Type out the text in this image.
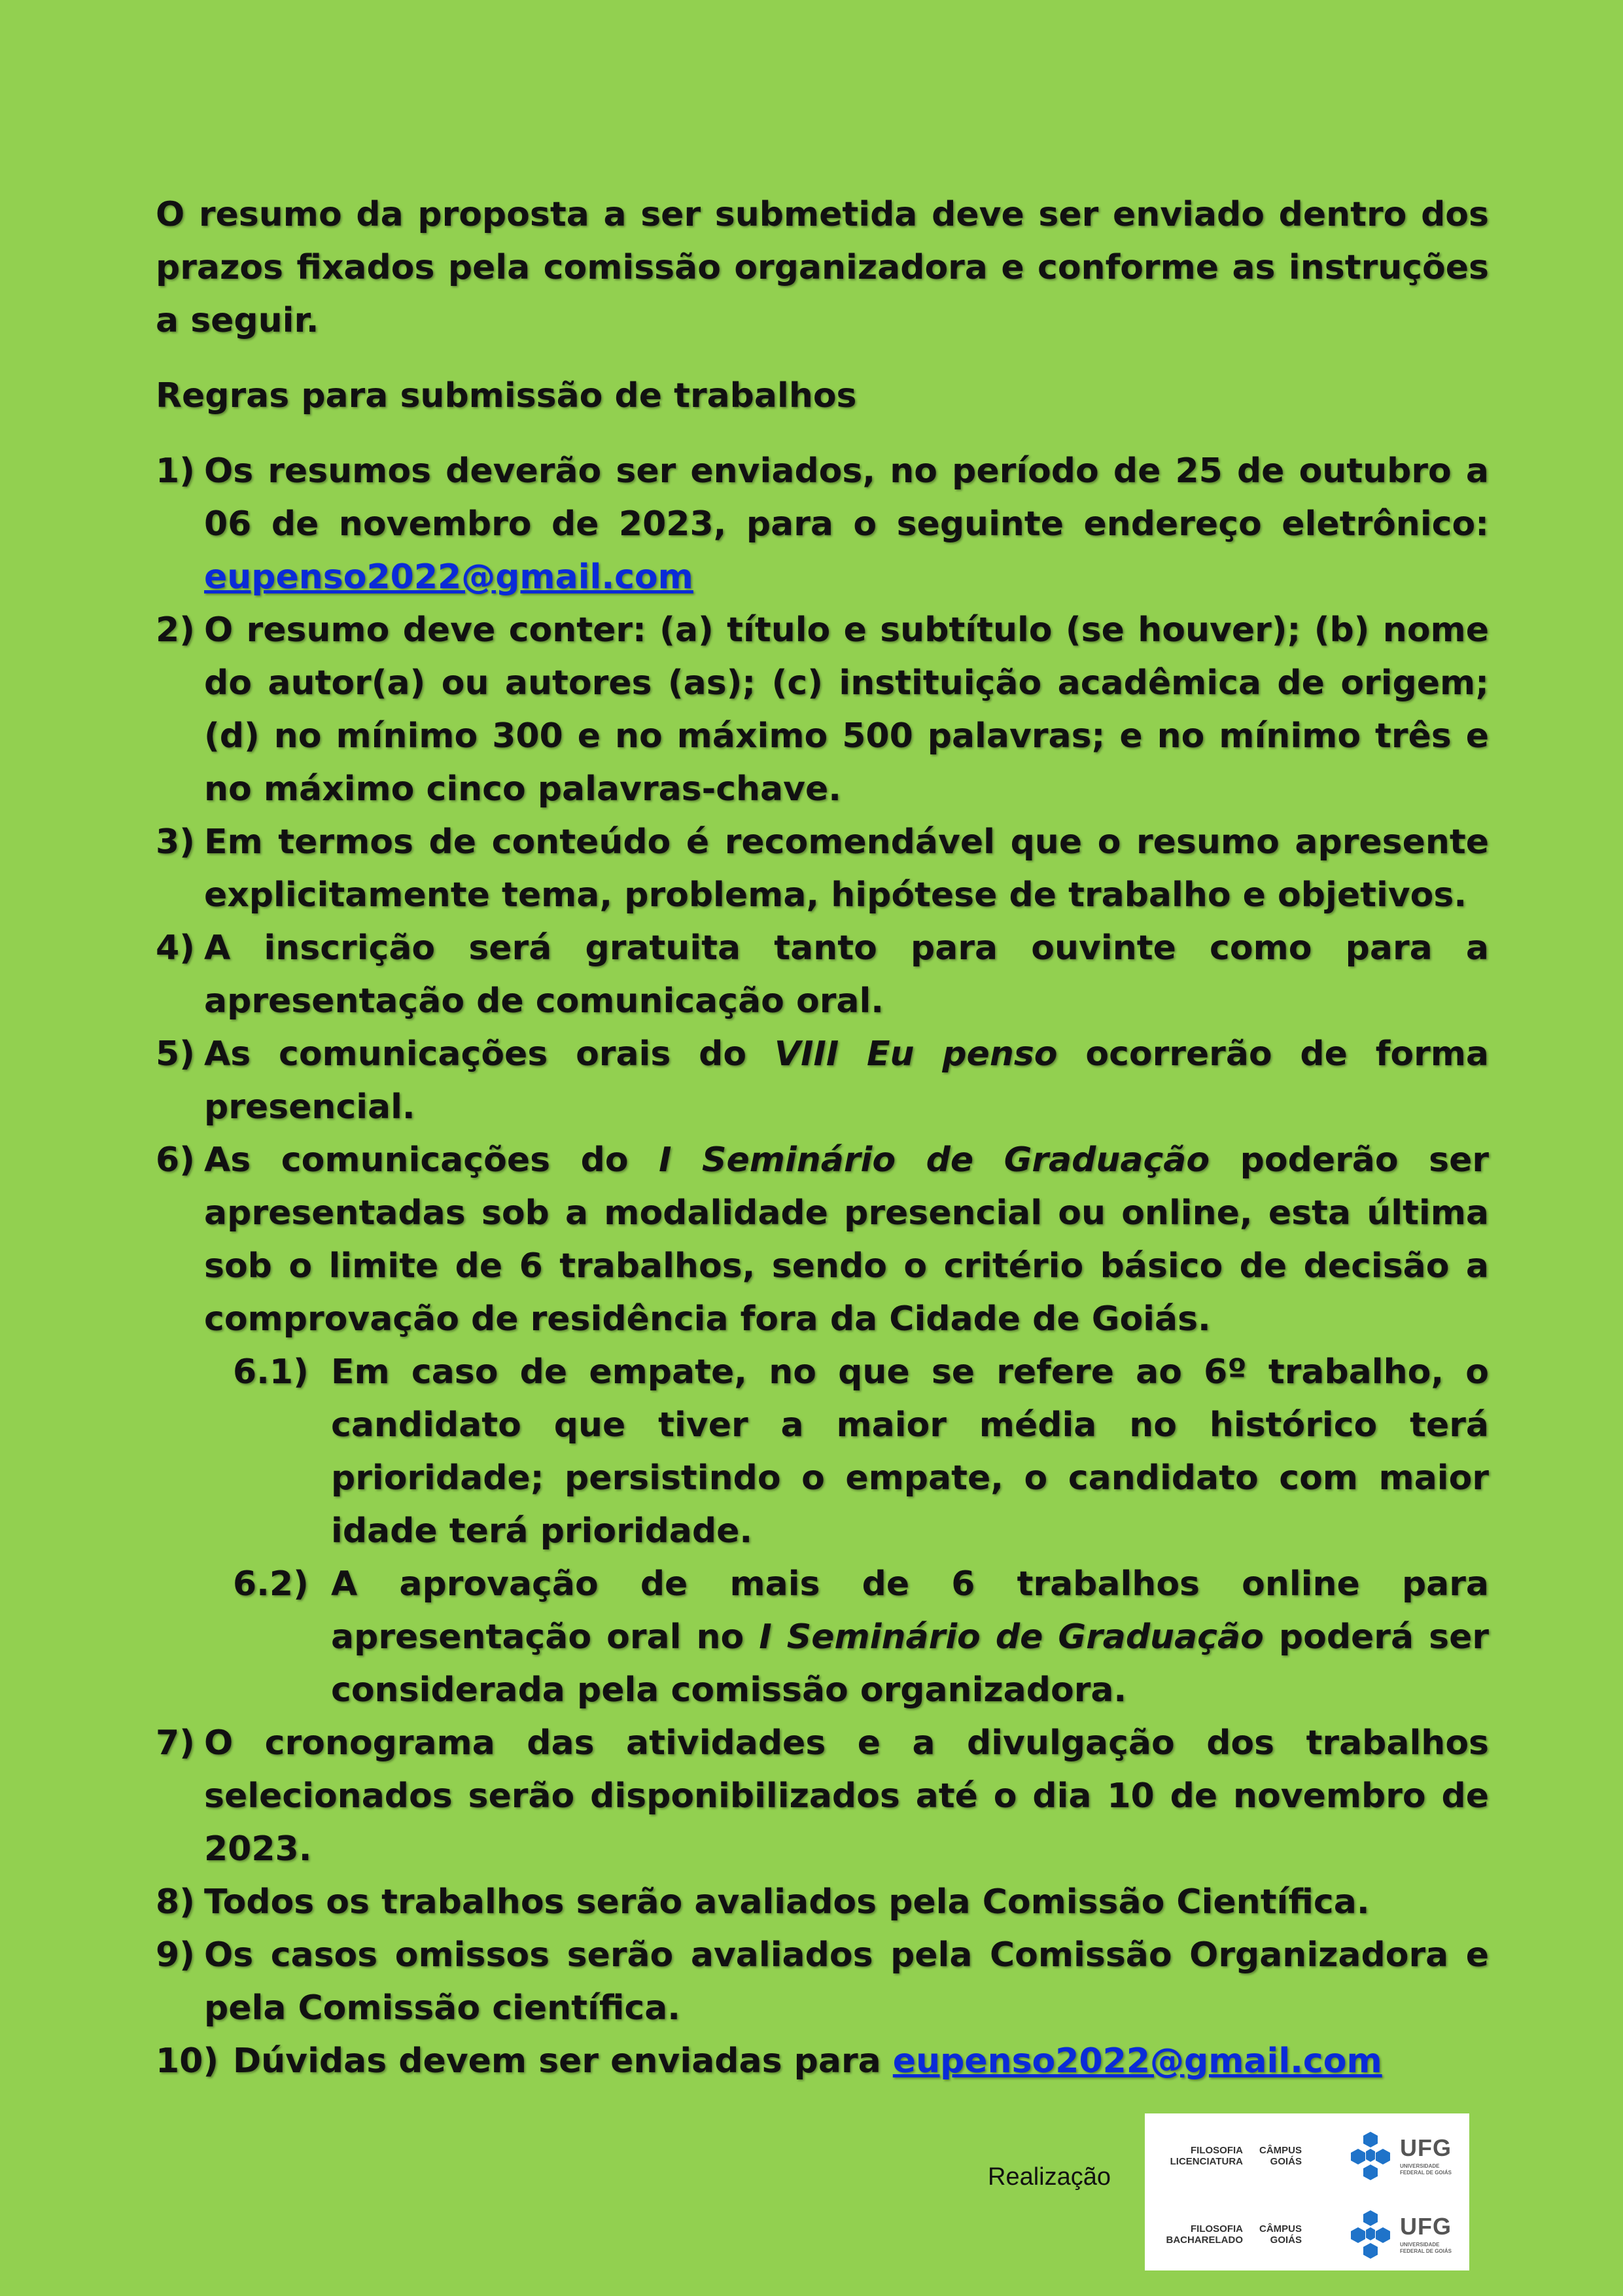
O resumo da proposta a ser submetida deve ser enviado dentro dos prazos fixados pela comissão organizadora e conforme as instruções a seguir.

Regras para submissão de trabalhos

1) Os resumos deverão ser enviados, no período de 25 de outubro a 06 de novembro de 2023, para o seguinte endereço eletrônico: eupenso2022@gmail.com

2) O resumo deve conter: (a) título e subtítulo (se houver); (b) nome do autor(a) ou autores (as); (c) instituição acadêmica de origem; (d) no mínimo 300 e no máximo 500 palavras; e no mínimo três e no máximo cinco palavras-chave.

3) Em termos de conteúdo é recomendável que o resumo apresente explicitamente tema, problema, hipótese de trabalho e objetivos.

4) A inscrição será gratuita tanto para ouvinte como para a apresentação de comunicação oral.

5) As comunicações orais do VIII Eu penso ocorrerão de forma presencial.

6) As comunicações do I Seminário de Graduação poderão ser apresentadas sob a modalidade presencial ou online, esta última sob o limite de 6 trabalhos, sendo o critério básico de decisão a comprovação de residência fora da Cidade de Goiás.

6.1) Em caso de empate, no que se refere ao 6º trabalho, o candidato que tiver a maior média no histórico terá prioridade; persistindo o empate, o candidato com maior idade terá prioridade.

6.2) A aprovação de mais de 6 trabalhos online para apresentação oral no I Seminário de Graduação poderá ser considerada pela comissão organizadora.

7) O cronograma das atividades e a divulgação dos trabalhos selecionados serão disponibilizados até o dia 10 de novembro de 2023.

8) Todos os trabalhos serão avaliados pela Comissão Científica.

9) Os casos omissos serão avaliados pela Comissão Organizadora e pela Comissão científica.

10) Dúvidas devem ser enviadas para eupenso2022@gmail.com

Realização
FILOSOFIA LICENCIATURA
CÂMPUS GOIÁS
UFG
UNIVERSIDADE FEDERAL DE GOIÁS
FILOSOFIA BACHARELADO
CÂMPUS GOIÁS
UFG
UNIVERSIDADE FEDERAL DE GOIÁS
